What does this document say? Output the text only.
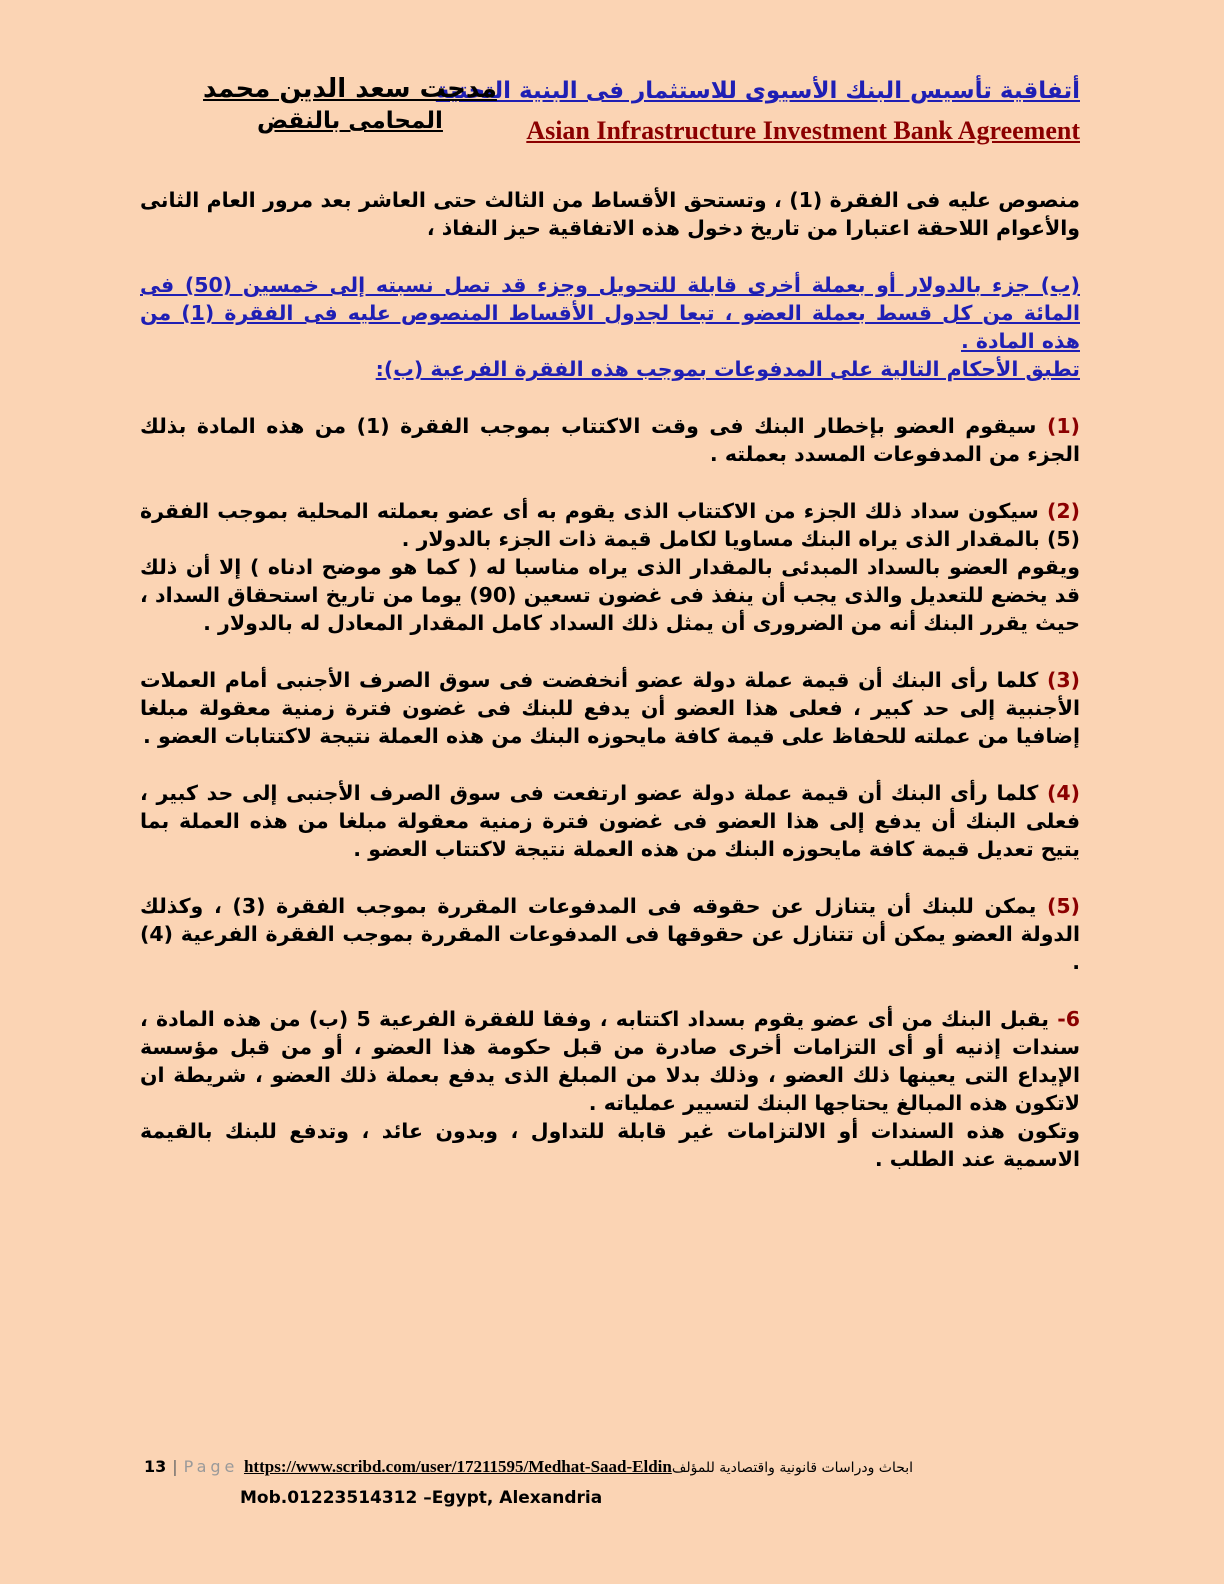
أتفاقية تأسيس البنك الأسيوى للاستثمار فى البنية التحتية
Asian Infrastructure Investment Bank Agreement
مدحت سعد الدين محمد
المحامى بالنقض

منصوص عليه فى الفقرة (1) ، وتستحق الأقساط من الثالث حتى العاشر بعد مرور العام الثانى والأعوام اللاحقة اعتبارا من تاريخ دخول هذه الاتفاقية حيز النفاذ ،

(ب) جزء بالدولار أو بعملة أخرى قابلة للتحويل وجزء قد تصل نسبته إلى خمسين (50) فى المائة من كل قسط بعملة العضو ، تبعا لجدول الأقساط المنصوص عليه فى الفقرة (1) من هذه المادة .

تطبق الأحكام التالية على المدفوعات بموجب هذه الفقرة الفرعية (ب):

(1) سيقوم العضو بإخطار البنك فى وقت الاكتتاب بموجب الفقرة (1) من هذه المادة بذلك الجزء من المدفوعات المسدد بعملته .

(2) سيكون سداد ذلك الجزء من الاكتتاب الذى يقوم به أى عضو بعملته المحلية بموجب الفقرة (5) بالمقدار الذى يراه البنك مساويا لكامل قيمة ذات الجزء بالدولار .

ويقوم العضو بالسداد المبدئى بالمقدار الذى يراه مناسبا له ( كما هو موضح ادناه ) إلا أن ذلك قد يخضع للتعديل والذى يجب أن ينفذ فى غضون تسعين (90) يوما من تاريخ استحقاق السداد ، حيث يقرر البنك أنه من الضرورى أن يمثل ذلك السداد كامل المقدار المعادل له بالدولار .

(3) كلما رأى البنك أن قيمة عملة دولة عضو أنخفضت فى سوق الصرف الأجنبى أمام العملات الأجنبية إلى حد كبير ، فعلى هذا العضو أن يدفع للبنك فى غضون فترة زمنية معقولة مبلغا إضافيا من عملته للحفاظ على قيمة كافة مايحوزه البنك من هذه العملة نتيجة لاكتتابات العضو .

(4) كلما رأى البنك أن قيمة عملة دولة عضو ارتفعت فى سوق الصرف الأجنبى إلى حد كبير ، فعلى البنك أن يدفع إلى هذا العضو فى غضون فترة زمنية معقولة مبلغا من هذه العملة بما يتيح تعديل قيمة كافة مايحوزه البنك من هذه العملة نتيجة لاكتتاب العضو .

(5) يمكن للبنك أن يتنازل عن حقوقه فى المدفوعات المقررة بموجب الفقرة (3) ، وكذلك الدولة العضو يمكن أن تتنازل عن حقوقها فى المدفوعات المقررة بموجب الفقرة الفرعية (4) .

6- يقبل البنك من أى عضو يقوم بسداد اكتتابه ، وفقا للفقرة الفرعية 5 (ب) من هذه المادة ، سندات إذنيه أو أى التزامات أخرى صادرة من قبل حكومة هذا العضو ، أو من قبل مؤسسة الإيداع التى يعينها ذلك العضو ، وذلك بدلا من المبلغ الذى يدفع بعملة ذلك العضو ، شريطة ان لاتكون هذه المبالغ يحتاجها البنك لتسيير عملياته .

وتكون هذه السندات أو الالتزامات غير قابلة للتداول ، وبدون عائد ، وتدفع للبنك بالقيمة الاسمية عند الطلب .

13 | Page https://www.scribd.com/user/17211595/Medhat-Saad-Eldinابحاث ودراسات قانونية واقتصادية للمؤلف
Mob.01223514312 –Egypt, Alexandria
